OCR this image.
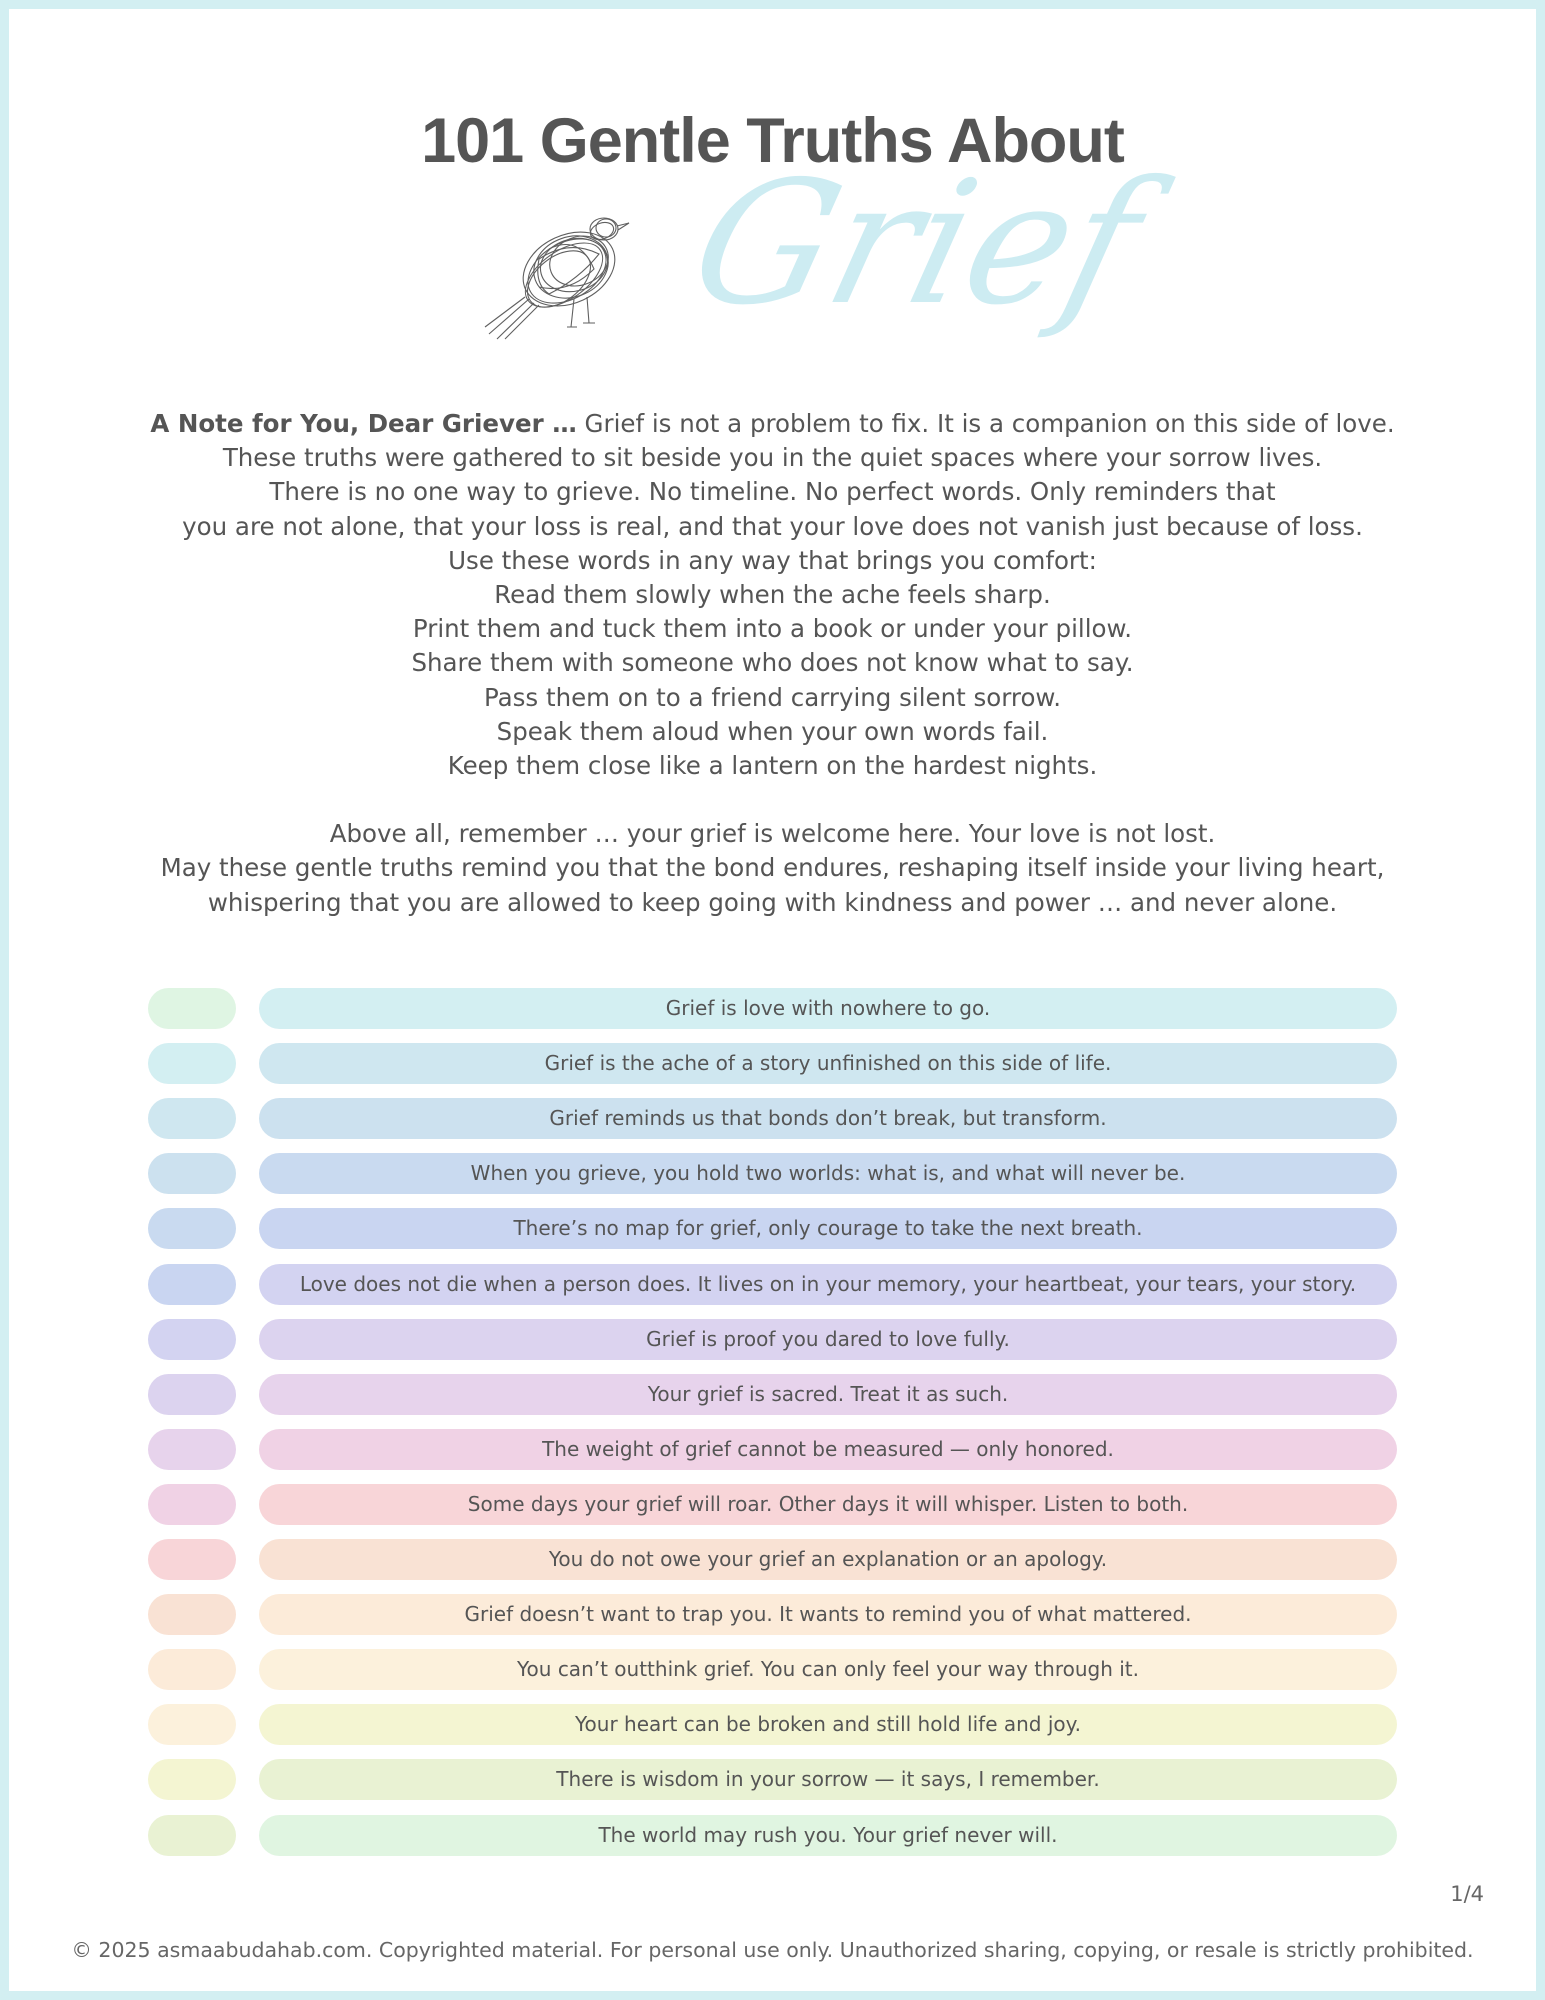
101 Gentle Truths About
Grief
A Note for You, Dear Griever … Grief is not a problem to fix. It is a companion on this side of love.
These truths were gathered to sit beside you in the quiet spaces where your sorrow lives.
There is no one way to grieve. No timeline. No perfect words. Only reminders that
you are not alone, that your loss is real, and that your love does not vanish just because of loss.
Use these words in any way that brings you comfort:
Read them slowly when the ache feels sharp.
Print them and tuck them into a book or under your pillow.
Share them with someone who does not know what to say.
Pass them on to a friend carrying silent sorrow.
Speak them aloud when your own words fail.
Keep them close like a lantern on the hardest nights.
Above all, remember … your grief is welcome here. Your love is not lost.
May these gentle truths remind you that the bond endures, reshaping itself inside your living heart,
whispering that you are allowed to keep going with kindness and power … and never alone.
Grief is love with nowhere to go.
Grief is the ache of a story unfinished on this side of life.
Grief reminds us that bonds don’t break, but transform.
When you grieve, you hold two worlds: what is, and what will never be.
There’s no map for grief, only courage to take the next breath.
Love does not die when a person does. It lives on in your memory, your heartbeat, your tears, your story.
Grief is proof you dared to love fully.
Your grief is sacred. Treat it as such.
The weight of grief cannot be measured — only honored.
Some days your grief will roar. Other days it will whisper. Listen to both.
You do not owe your grief an explanation or an apology.
Grief doesn’t want to trap you. It wants to remind you of what mattered.
You can’t outthink grief. You can only feel your way through it.
Your heart can be broken and still hold life and joy.
There is wisdom in your sorrow — it says, I remember.
The world may rush you. Your grief never will.
1/4
© 2025 asmaabudahab.com. Copyrighted material. For personal use only. Unauthorized sharing, copying, or resale is strictly prohibited.
